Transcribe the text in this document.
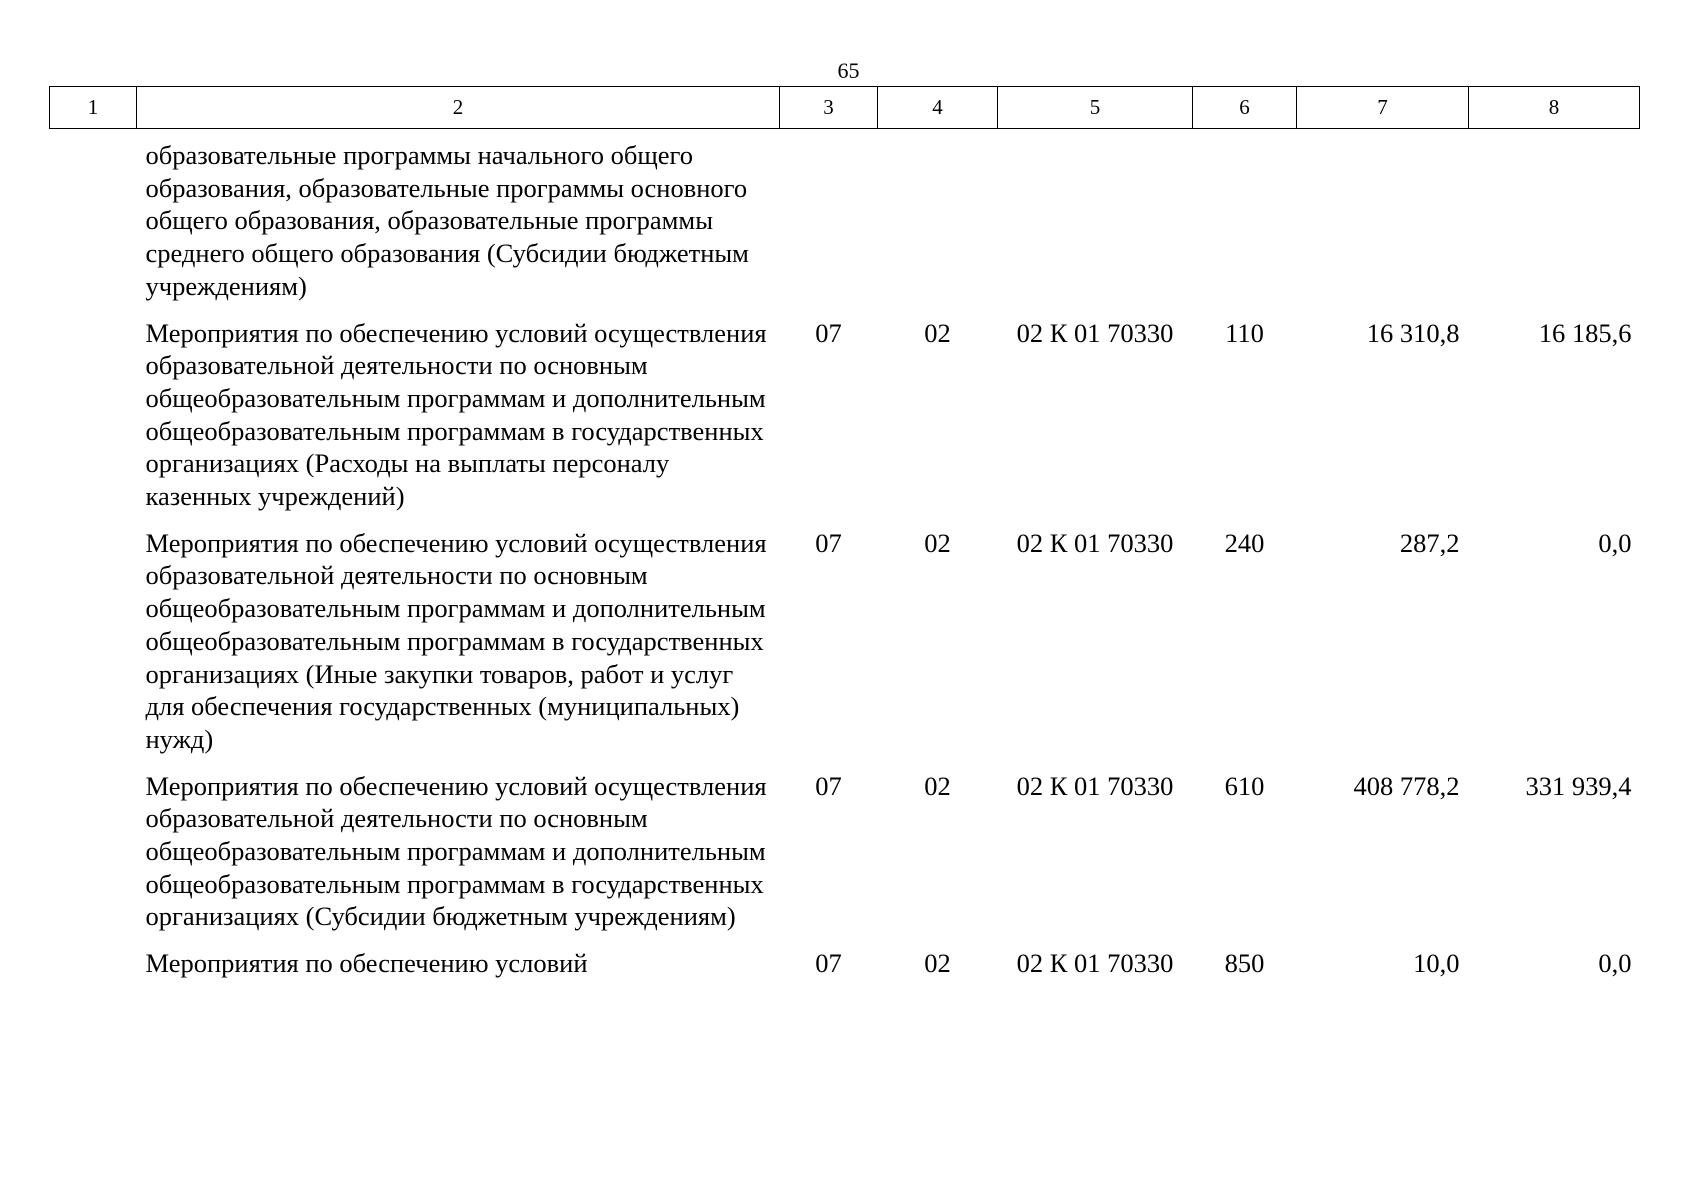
65
1	2	3	4	5	6	7	8
	образовательные программы начального общего образования, образовательные программы основного общего образования, образовательные программы среднего общего образования (Субсидии бюджетным учреждениям)						
	Мероприятия по обеспечению условий осуществления образовательной деятельности по основным общеобразовательным программам и дополнительным общеобразовательным программам в государственных организациях (Расходы на выплаты персоналу казенных учреждений)	07	02	02 К 01 70330	110	16 310,8	16 185,6
	Мероприятия по обеспечению условий осуществления образовательной деятельности по основным общеобразовательным программам и дополнительным общеобразовательным программам в государственных организациях (Иные закупки товаров, работ и услуг для обеспечения государственных (муниципальных) нужд)	07	02	02 К 01 70330	240	287,2	0,0
	Мероприятия по обеспечению условий осуществления образовательной деятельности по основным общеобразовательным программам и дополнительным общеобразовательным программам в государственных организациях (Субсидии бюджетным учреждениям)	07	02	02 К 01 70330	610	408 778,2	331 939,4
	Мероприятия по обеспечению условий	07	02	02 К 01 70330	850	10,0	0,0
